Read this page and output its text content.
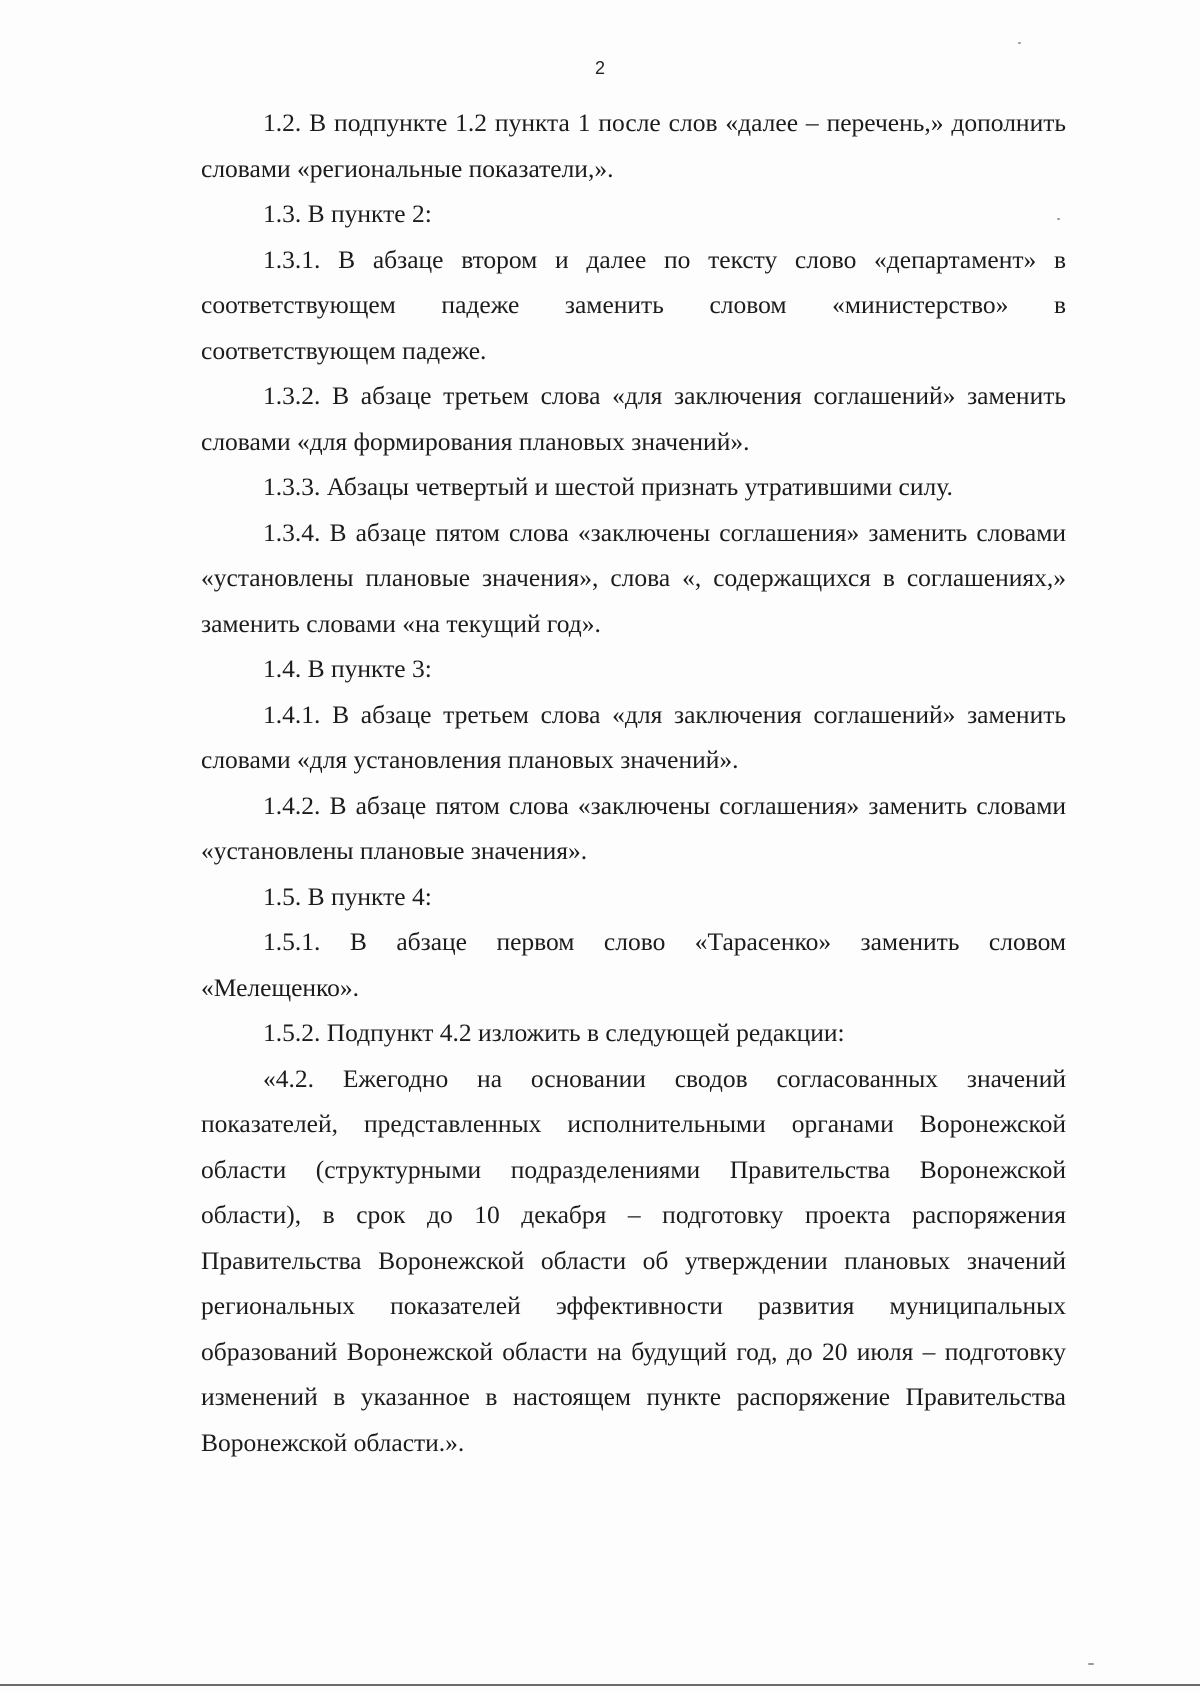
2

1.2. В подпункте 1.2 пункта 1 после слов «далее – перечень,» дополнить словами «региональные показатели,».

1.3. В пункте 2:

1.3.1. В абзаце втором и далее по тексту слово «департамент» в соответствующем падеже заменить словом «министерство» в соответствующем падеже.

1.3.2. В абзаце третьем слова «для заключения соглашений» заменить словами «для формирования плановых значений».

1.3.3. Абзацы четвертый и шестой признать утратившими силу.

1.3.4. В абзаце пятом слова «заключены соглашения» заменить словами «установлены плановые значения», слова «, содержащихся в соглашениях,» заменить словами «на текущий год».

1.4. В пункте 3:

1.4.1. В абзаце третьем слова «для заключения соглашений» заменить словами «для установления плановых значений».

1.4.2. В абзаце пятом слова «заключены соглашения» заменить словами «установлены плановые значения».

1.5. В пункте 4:

1.5.1. В абзаце первом слово «Тарасенко» заменить словом «Мелещенко».

1.5.2. Подпункт 4.2 изложить в следующей редакции:

«4.2. Ежегодно на основании сводов согласованных значений показателей, представленных исполнительными органами Воронежской области (структурными подразделениями Правительства Воронежской области), в срок до 10 декабря – подготовку проекта распоряжения Правительства Воронежской области об утверждении плановых значений региональных показателей эффективности развития муниципальных образований Воронежской области на будущий год, до 20 июля – подготовку изменений в указанное в настоящем пункте распоряжение Правительства Воронежской области.».
